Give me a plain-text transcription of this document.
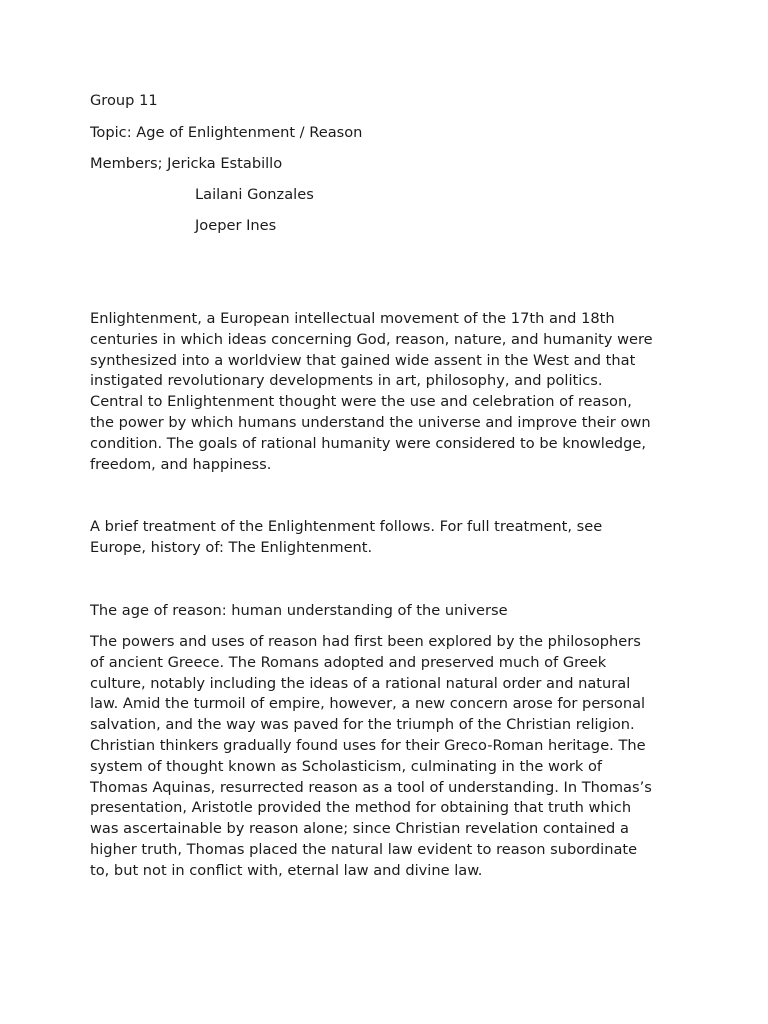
Group 11
Topic: Age of Enlightenment / Reason
Members; Jericka Estabillo
Lailani Gonzales
Joeper Ines
Enlightenment, a European intellectual movement of the 17th and 18th
centuries in which ideas concerning God, reason, nature, and humanity were
synthesized into a worldview that gained wide assent in the West and that
instigated revolutionary developments in art, philosophy, and politics.
Central to Enlightenment thought were the use and celebration of reason,
the power by which humans understand the universe and improve their own
condition. The goals of rational humanity were considered to be knowledge,
freedom, and happiness.
A brief treatment of the Enlightenment follows. For full treatment, see
Europe, history of: The Enlightenment.
The age of reason: human understanding of the universe
The powers and uses of reason had first been explored by the philosophers
of ancient Greece. The Romans adopted and preserved much of Greek
culture, notably including the ideas of a rational natural order and natural
law. Amid the turmoil of empire, however, a new concern arose for personal
salvation, and the way was paved for the triumph of the Christian religion.
Christian thinkers gradually found uses for their Greco-Roman heritage. The
system of thought known as Scholasticism, culminating in the work of
Thomas Aquinas, resurrected reason as a tool of understanding. In Thomas’s
presentation, Aristotle provided the method for obtaining that truth which
was ascertainable by reason alone; since Christian revelation contained a
higher truth, Thomas placed the natural law evident to reason subordinate
to, but not in conflict with, eternal law and divine law.
